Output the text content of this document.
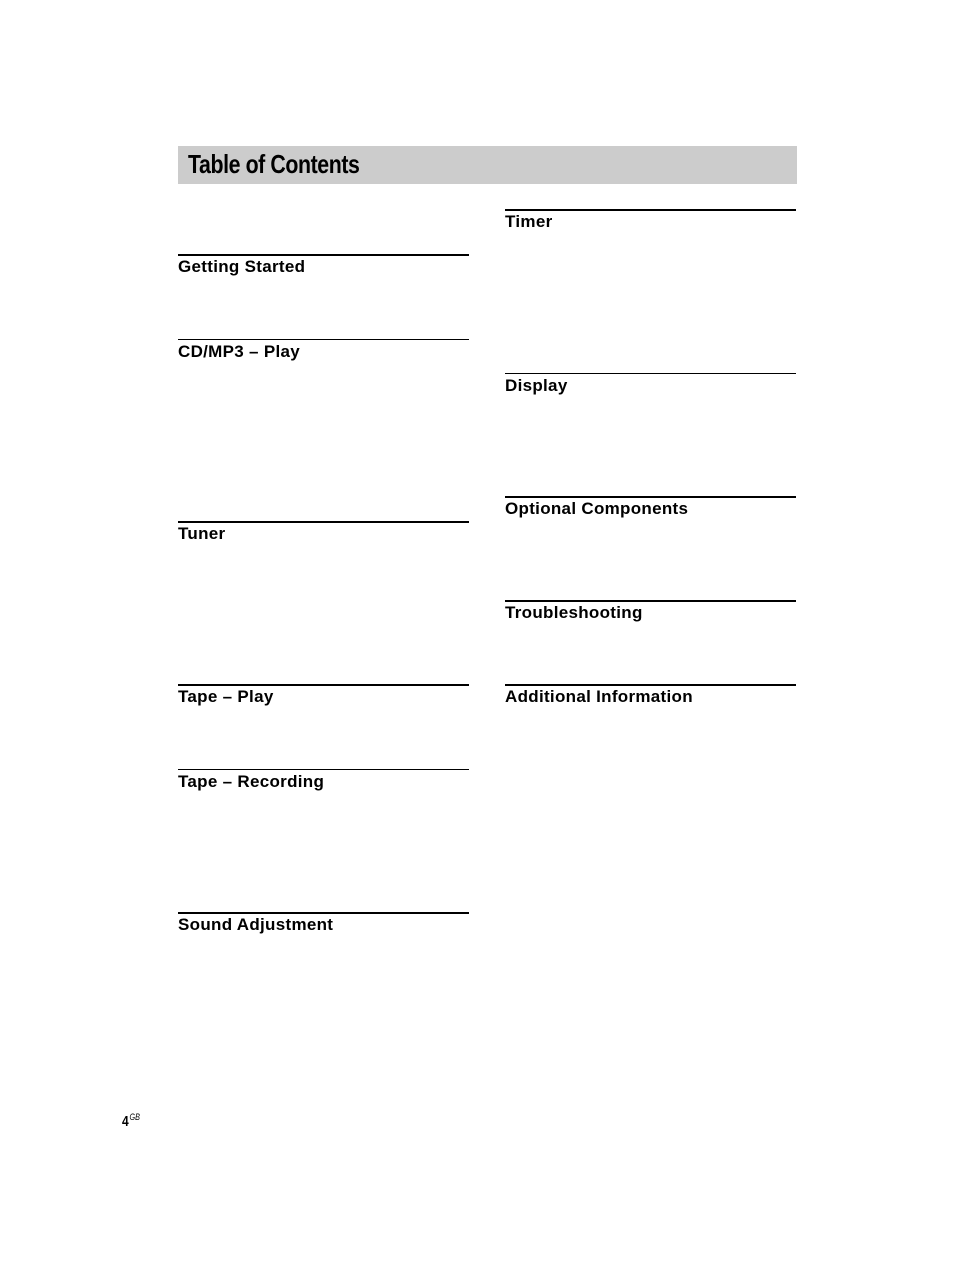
Table of Contents
Getting Started
CD/MP3 – Play
Tuner
Tape – Play
Tape – Recording
Sound Adjustment
Timer
Display
Optional Components
Troubleshooting
Additional Information
$4^{GB}$
